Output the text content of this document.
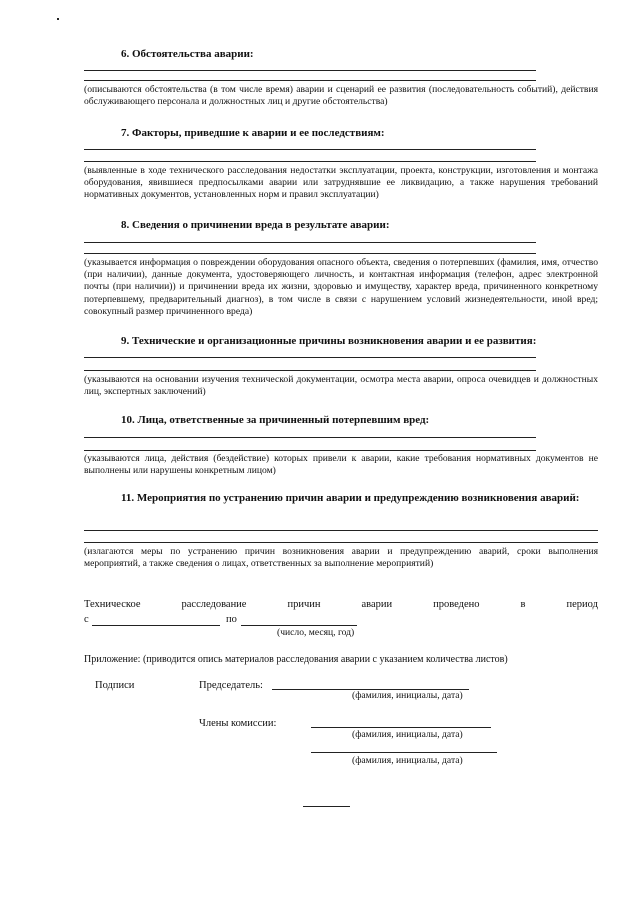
6. Обстоятельства аварии:
(описываются обстоятельства (в том числе время) аварии и сценарий ее развития (последовательность событий), действия обслуживающего персонала и должностных лиц и другие обстоятельства)
7. Факторы, приведшие к аварии и ее последствиям:
(выявленные в ходе технического расследования недостатки эксплуатации, проекта, конструкции, изготовления и монтажа оборудования, явившиеся предпосылками аварии или затруднявшие ее ликвидацию, а также нарушения требований нормативных документов, установленных норм и правил эксплуатации)
8. Сведения о причинении вреда в результате аварии:
(указывается информация о повреждении оборудования опасного объекта, сведения о потерпевших (фамилия, имя, отчество (при наличии), данные документа, удостоверяющего личность, и контактная информация (телефон, адрес электронной почты (при наличии)) и причинении вреда их жизни, здоровью и имуществу, характер вреда, причиненного конкретному потерпевшему, предварительный диагноз), в том числе в связи с нарушением условий жизнедеятельности, иной вред; совокупный размер причиненного вреда)
9. Технические и организационные причины возникновения аварии и ее развития:
(указываются на основании изучения технической документации, осмотра места аварии, опроса очевидцев и должностных лиц, экспертных заключений)
10. Лица, ответственные за причиненный потерпевшим вред:
(указываются лица, действия (бездействие) которых привели к аварии, какие требования нормативных документов не выполнены или нарушены конкретным лицом)
11. Мероприятия по устранению причин аварии и предупреждению возникновения аварий:
(излагаются меры по устранению причин возникновения аварии и предупреждению аварий, сроки выполнения мероприятий, а также сведения о лицах, ответственных за выполнение мероприятий)
Техническое	расследование	причин	аварии	проведено	в	период
с	по
(число, месяц, год)
Приложение: (приводится опись материалов расследования аварии с указанием количества листов)
Подписи	Председатель:
(фамилия, инициалы, дата)
Члены комиссии:
(фамилия, инициалы, дата)
(фамилия, инициалы, дата)
